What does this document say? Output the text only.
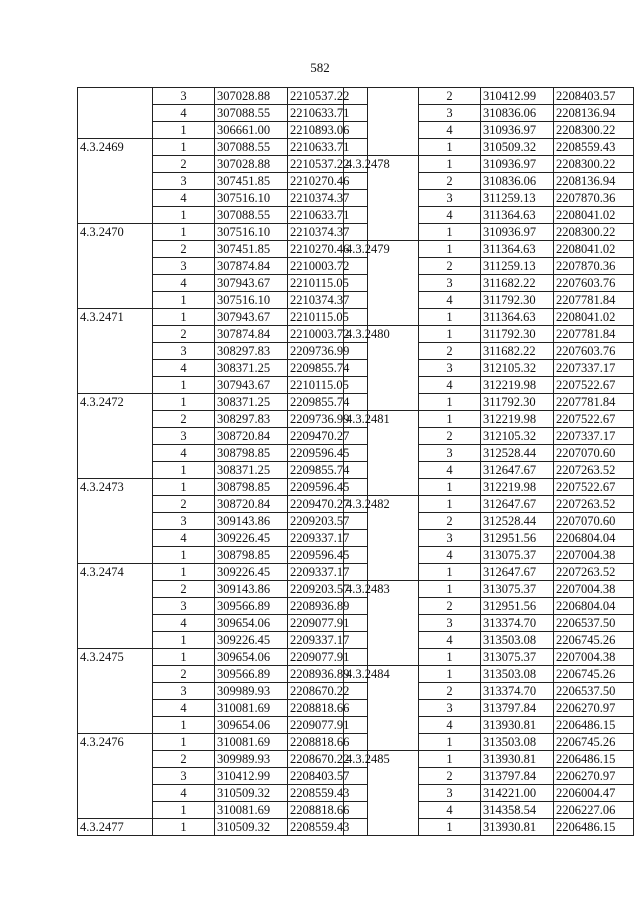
582
	3	307028.88	2210537.22
	4	307088.55	2210633.71
	1	306661.00	2210893.06
4.3.2469	1	307088.55	2210633.71
	2	307028.88	2210537.22
	3	307451.85	2210270.46
	4	307516.10	2210374.37
	1	307088.55	2210633.71
4.3.2470	1	307516.10	2210374.37
	2	307451.85	2210270.46
	3	307874.84	2210003.72
	4	307943.67	2210115.05
	1	307516.10	2210374.37
4.3.2471	1	307943.67	2210115.05
	2	307874.84	2210003.72
	3	308297.83	2209736.99
	4	308371.25	2209855.74
	1	307943.67	2210115.05
4.3.2472	1	308371.25	2209855.74
	2	308297.83	2209736.99
	3	308720.84	2209470.27
	4	308798.85	2209596.45
	1	308371.25	2209855.74
4.3.2473	1	308798.85	2209596.45
	2	308720.84	2209470.27
	3	309143.86	2209203.57
	4	309226.45	2209337.17
	1	308798.85	2209596.45
4.3.2474	1	309226.45	2209337.17
	2	309143.86	2209203.57
	3	309566.89	2208936.89
	4	309654.06	2209077.91
	1	309226.45	2209337.17
4.3.2475	1	309654.06	2209077.91
	2	309566.89	2208936.89
	3	309989.93	2208670.22
	4	310081.69	2208818.66
	1	309654.06	2209077.91
4.3.2476	1	310081.69	2208818.66
	2	309989.93	2208670.22
	3	310412.99	2208403.57
	4	310509.32	2208559.43
	1	310081.69	2208818.66
4.3.2477	1	310509.32	2208559.43
	2	310412.99	2208403.57
	3	310836.06	2208136.94
	4	310936.97	2208300.22
	1	310509.32	2208559.43
4.3.2478	1	310936.97	2208300.22
	2	310836.06	2208136.94
	3	311259.13	2207870.36
	4	311364.63	2208041.02
	1	310936.97	2208300.22
4.3.2479	1	311364.63	2208041.02
	2	311259.13	2207870.36
	3	311682.22	2207603.76
	4	311792.30	2207781.84
	1	311364.63	2208041.02
4.3.2480	1	311792.30	2207781.84
	2	311682.22	2207603.76
	3	312105.32	2207337.17
	4	312219.98	2207522.67
	1	311792.30	2207781.84
4.3.2481	1	312219.98	2207522.67
	2	312105.32	2207337.17
	3	312528.44	2207070.60
	4	312647.67	2207263.52
	1	312219.98	2207522.67
4.3.2482	1	312647.67	2207263.52
	2	312528.44	2207070.60
	3	312951.56	2206804.04
	4	313075.37	2207004.38
	1	312647.67	2207263.52
4.3.2483	1	313075.37	2207004.38
	2	312951.56	2206804.04
	3	313374.70	2206537.50
	4	313503.08	2206745.26
	1	313075.37	2207004.38
4.3.2484	1	313503.08	2206745.26
	2	313374.70	2206537.50
	3	313797.84	2206270.97
	4	313930.81	2206486.15
	1	313503.08	2206745.26
4.3.2485	1	313930.81	2206486.15
	2	313797.84	2206270.97
	3	314221.00	2206004.47
	4	314358.54	2206227.06
	1	313930.81	2206486.15
